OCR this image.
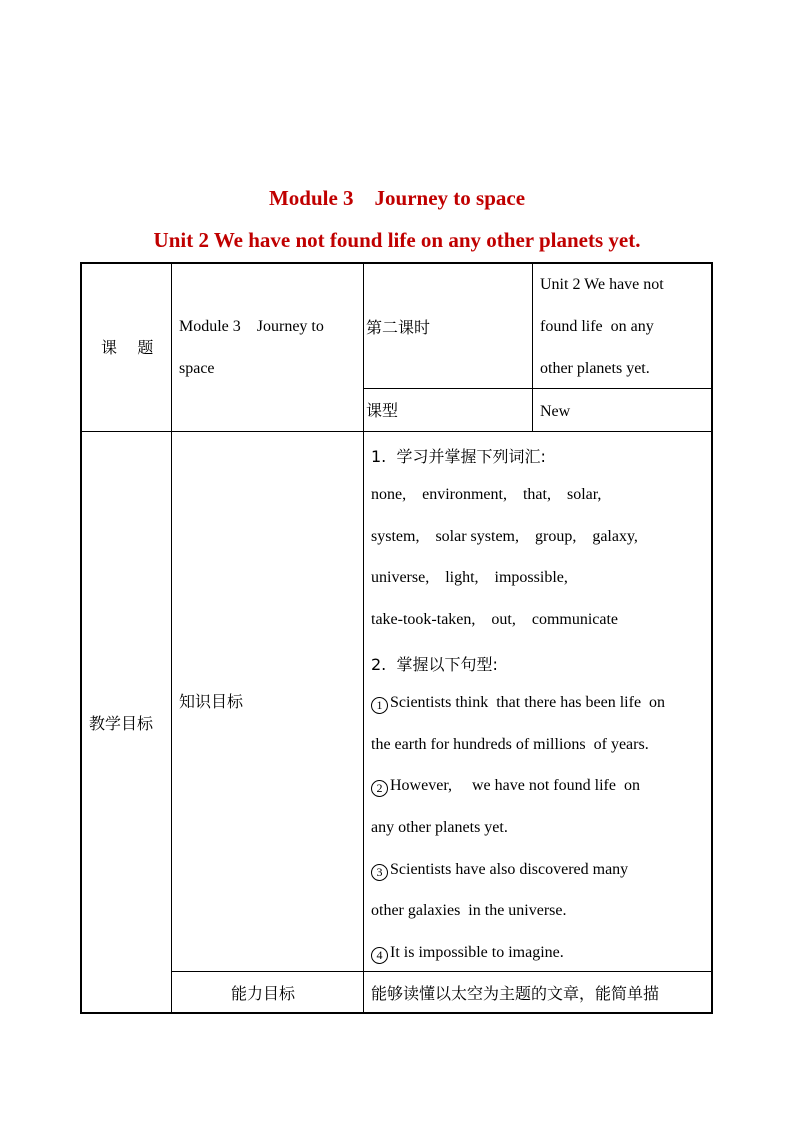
Module 3    Journey to space
Unit 2 We have not found life on any other planets yet.
课    题
Module 3    Journey to
space
第二课时
Unit 2 We have not
found life  on any
other planets yet.
课型	New
教学目标
知识目标
1.  学习并掌握下列词汇:
none,    environment,    that,    solar,
system,    solar system,    group,    galaxy,
universe,    light,    impossible,
take-took-taken,    out,    communicate
2.  掌握以下句型:
1 Scientists think  that there has been life  on
the earth for hundreds of millions  of years.
2 However,     we have not found life  on
any other planets yet.
3 Scientists have also discovered many
other galaxies  in the universe.
4 It is impossible to imagine.
能力目标	能够读懂以太空为主题的文章，能简单描
